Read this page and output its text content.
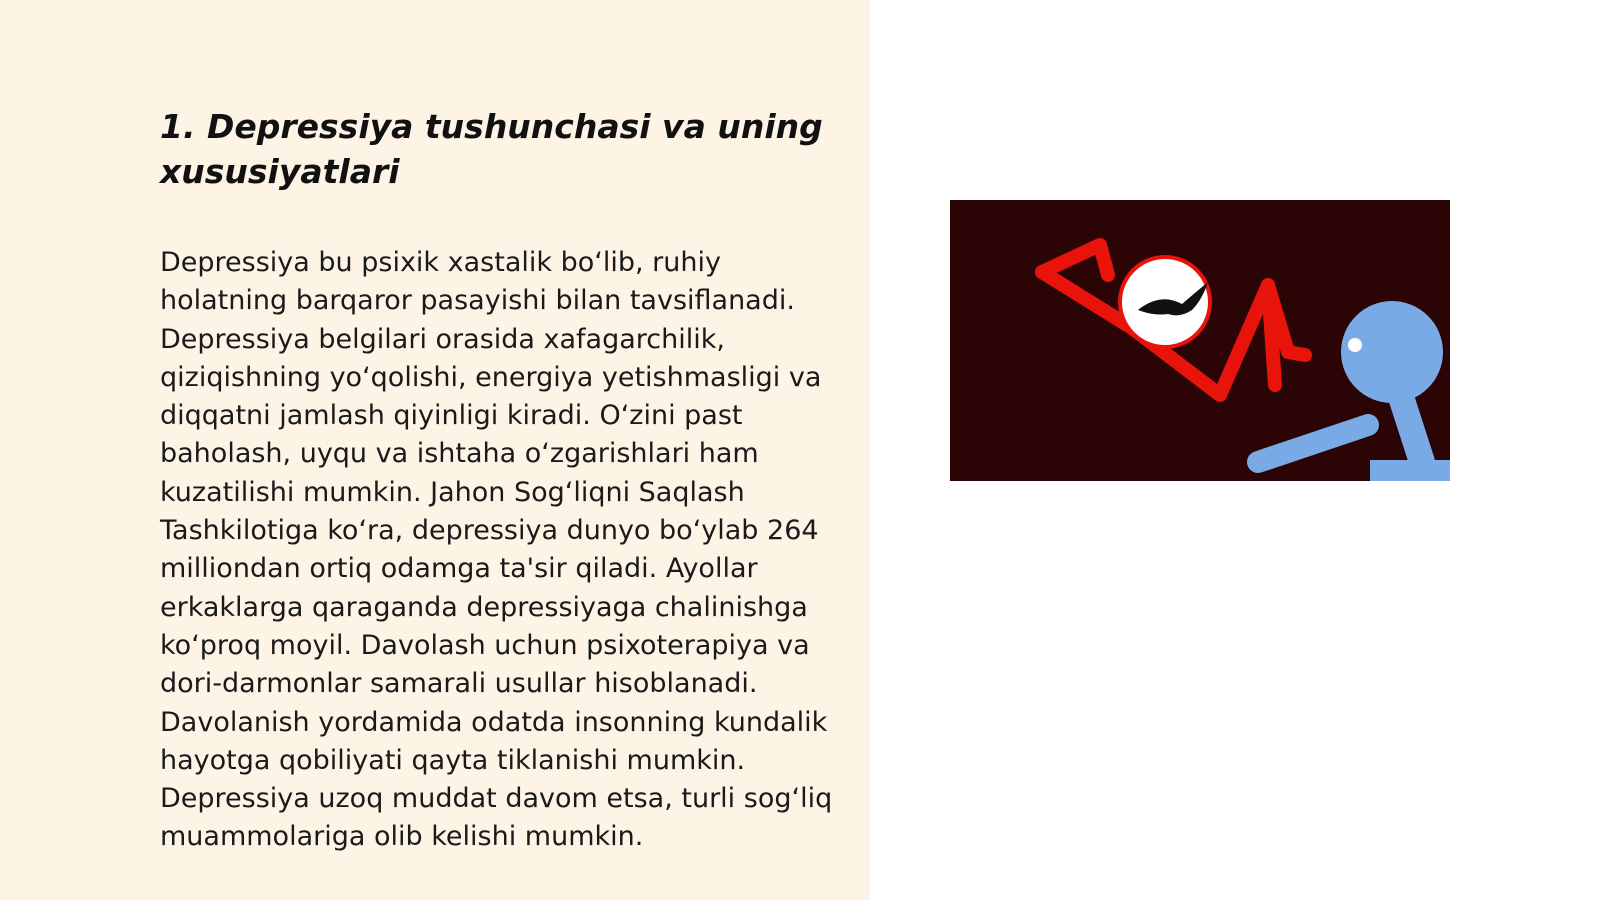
1. Depressiya tushunchasi va uning xususiyatlari

Depressiya bu psixik xastalik bo‘lib, ruhiy holatning barqaror pasayishi bilan tavsiflanadi. Depressiya belgilari orasida xafagarchilik, qiziqishning yo‘qolishi, energiya yetishmasligi va diqqatni jamlash qiyinligi kiradi. O‘zini past baholash, uyqu va ishtaha o‘zgarishlari ham kuzatilishi mumkin. Jahon Sog‘liqni Saqlash Tashkilotiga ko‘ra, depressiya dunyo bo‘ylab 264 milliondan ortiq odamga ta'sir qiladi. Ayollar erkaklarga qaraganda depressiyaga chalinishga ko‘proq moyil. Davolash uchun psixoterapiya va dori-darmonlar samarali usullar hisoblanadi. Davolanish yordamida odatda insonning kundalik hayotga qobiliyati qayta tiklanishi mumkin. Depressiya uzoq muddat davom etsa, turli sog‘liq muammolariga olib kelishi mumkin.
